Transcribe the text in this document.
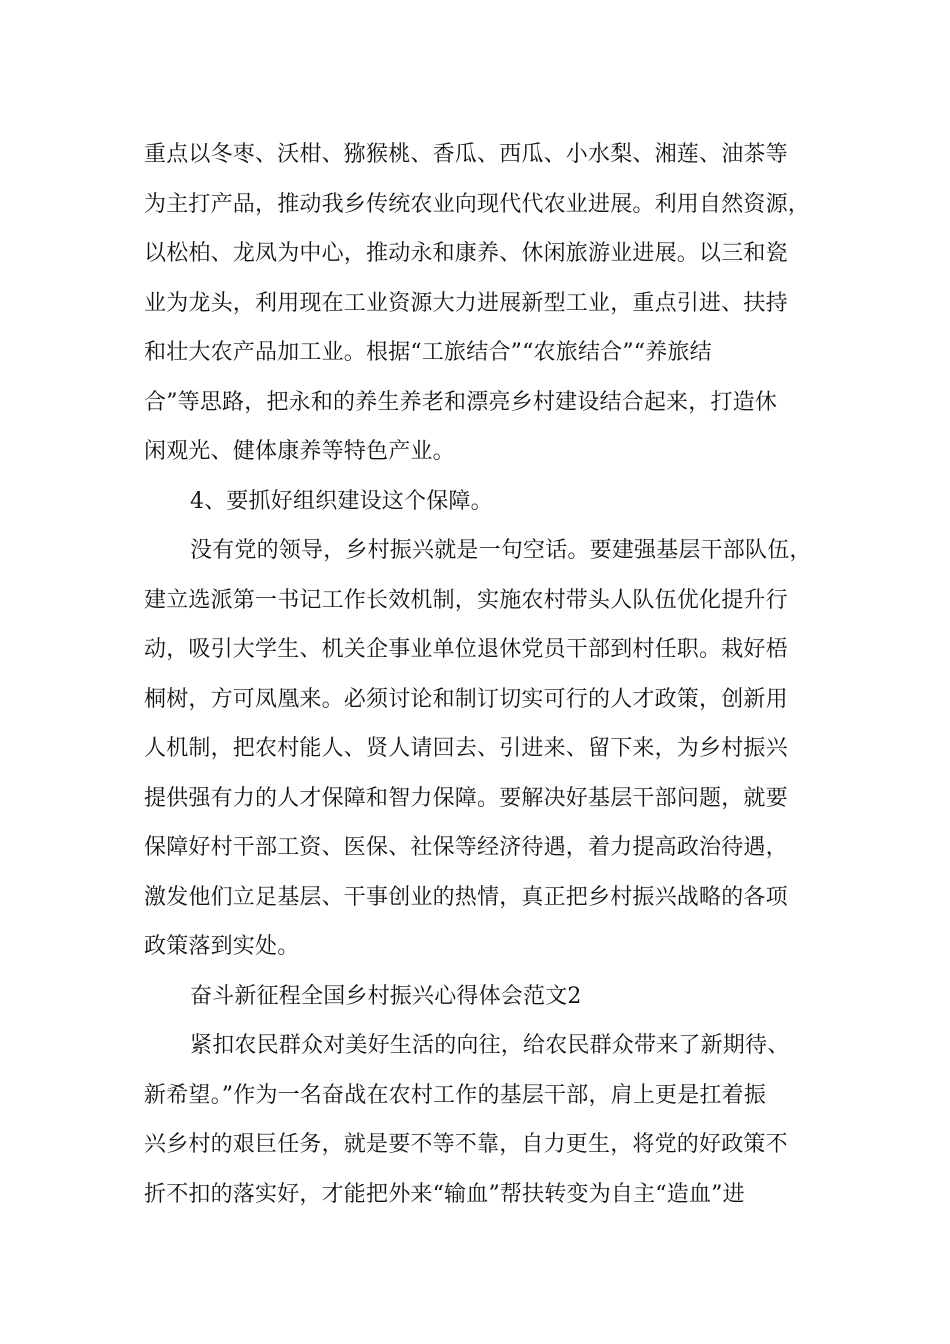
重点以冬枣、沃柑、猕猴桃、香瓜、西瓜、小水梨、湘莲、油茶等
为主打产品，推动我乡传统农业向现代代农业进展。利用自然资源，
以松柏、龙凤为中心，推动永和康养、休闲旅游业进展。以三和瓷
业为龙头，利用现在工业资源大力进展新型工业，重点引进、扶持
和壮大农产品加工业。根据“工旅结合”“农旅结合”“养旅结
合”等思路，把永和的养生养老和漂亮乡村建设结合起来，打造休
闲观光、健体康养等特色产业。
4、要抓好组织建设这个保障。
没有党的领导，乡村振兴就是一句空话。要建强基层干部队伍，
建立选派第一书记工作长效机制，实施农村带头人队伍优化提升行
动，吸引大学生、机关企事业单位退休党员干部到村任职。栽好梧
桐树，方可凤凰来。必须讨论和制订切实可行的人才政策，创新用
人机制，把农村能人、贤人请回去、引进来、留下来，为乡村振兴
提供强有力的人才保障和智力保障。要解决好基层干部问题，就要
保障好村干部工资、医保、社保等经济待遇，着力提高政治待遇，
激发他们立足基层、干事创业的热情，真正把乡村振兴战略的各项
政策落到实处。
奋斗新征程全国乡村振兴心得体会范文2
紧扣农民群众对美好生活的向往，给农民群众带来了新期待、
新希望。”作为一名奋战在农村工作的基层干部，肩上更是扛着振
兴乡村的艰巨任务，就是要不等不靠，自力更生，将党的好政策不
折不扣的落实好，才能把外来“输血”帮扶转变为自主“造血”进
